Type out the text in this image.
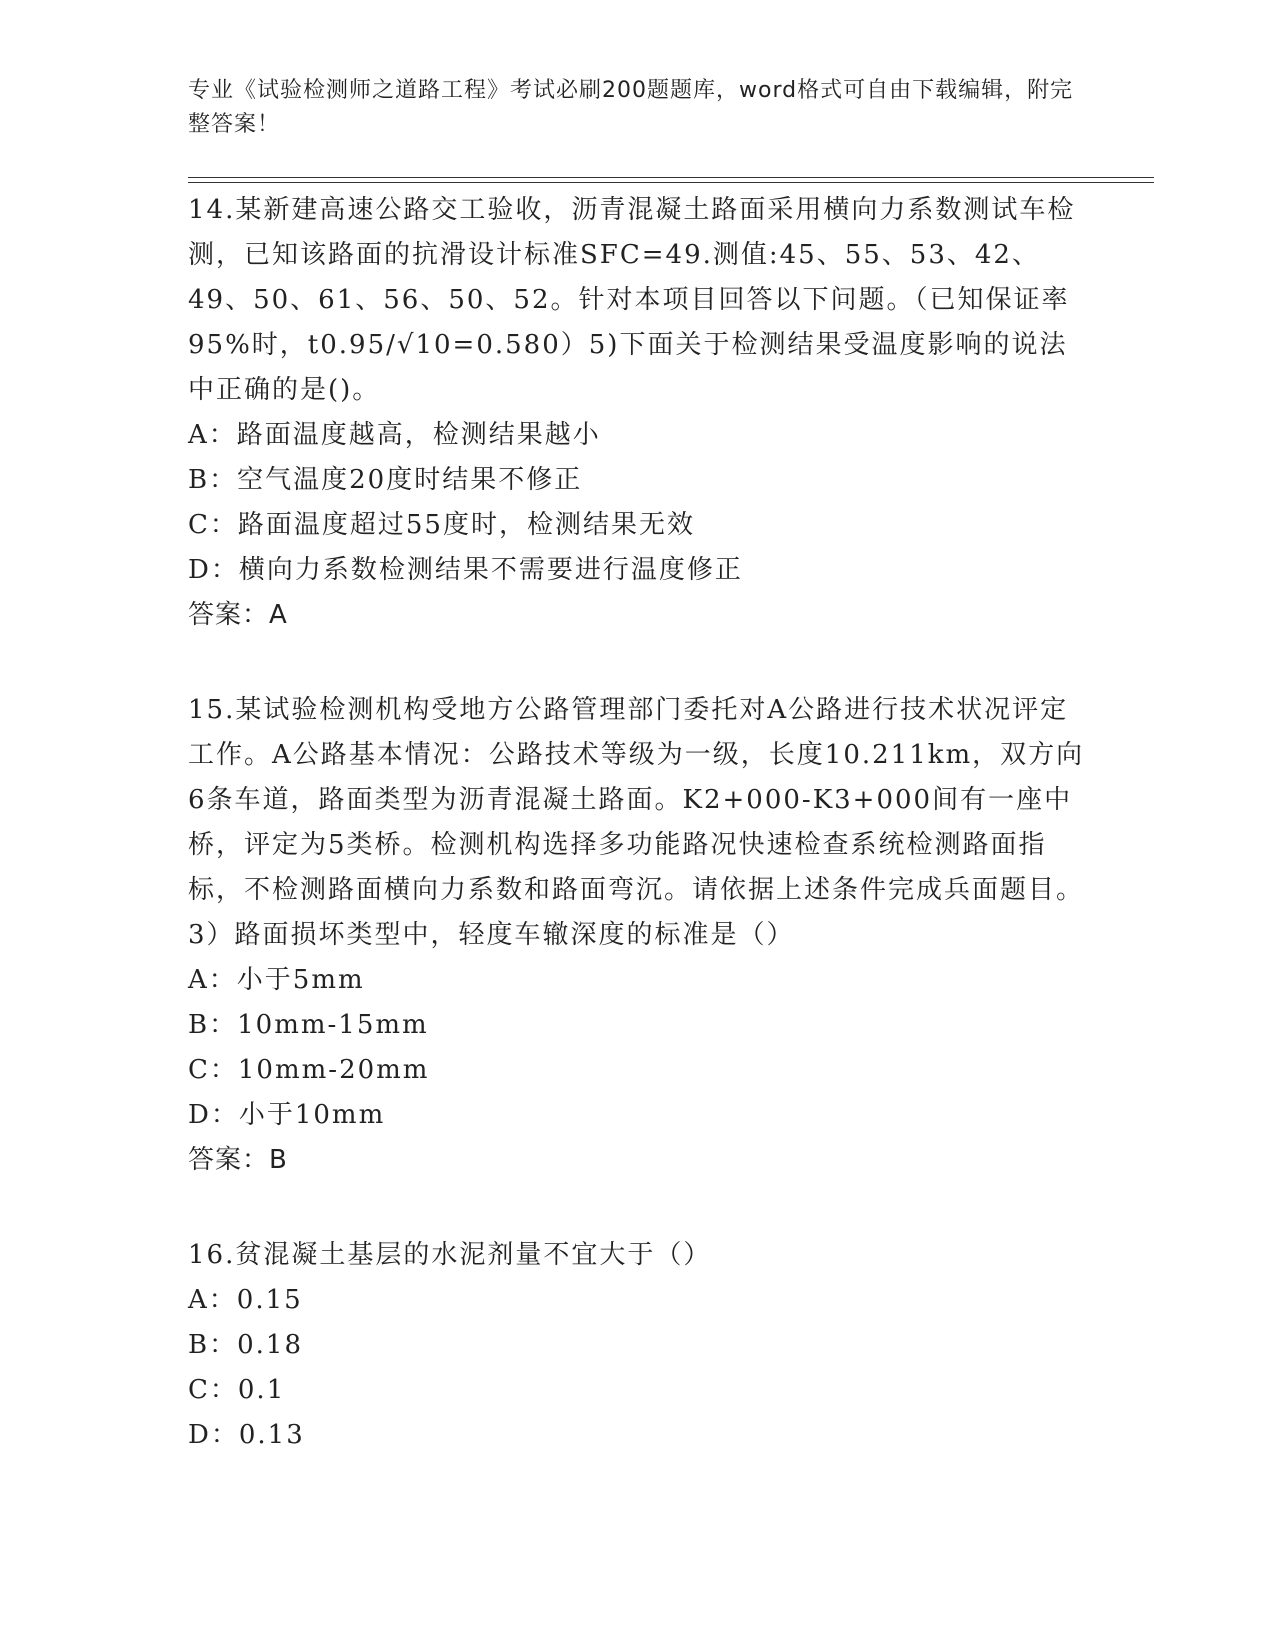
专业《试验检测师之道路工程》考试必刷200题题库，word格式可自由下载编辑，附完整答案！

14.某新建高速公路交工验收，沥青混凝土路面采用横向力系数测试车检测，已知该路面的抗滑设计标准SFC=49.测值:45、55、53、42、49、50、61、56、50、52。针对本项目回答以下问题。（已知保证率95%时，t0.95/√10=0.580）5)下面关于检测结果受温度影响的说法中正确的是()。

A：路面温度越高，检测结果越小

B：空气温度20度时结果不修正

C：路面温度超过55度时，检测结果无效

D：横向力系数检测结果不需要进行温度修正

答案：A

15.某试验检测机构受地方公路管理部门委托对A公路进行技术状况评定工作。A公路基本情况：公路技术等级为一级，长度10.211km，双方向6条车道，路面类型为沥青混凝土路面。K2+000-K3+000间有一座中桥，评定为5类桥。检测机构选择多功能路况快速检查系统检测路面指标，不检测路面横向力系数和路面弯沉。请依据上述条件完成兵面题目。3）路面损坏类型中，轻度车辙深度的标准是（）

A：小于5mm

B：10mm-15mm

C：10mm-20mm

D：小于10mm

答案：B

16.贫混凝土基层的水泥剂量不宜大于（）

A：0.15

B：0.18

C：0.1

D：0.13
